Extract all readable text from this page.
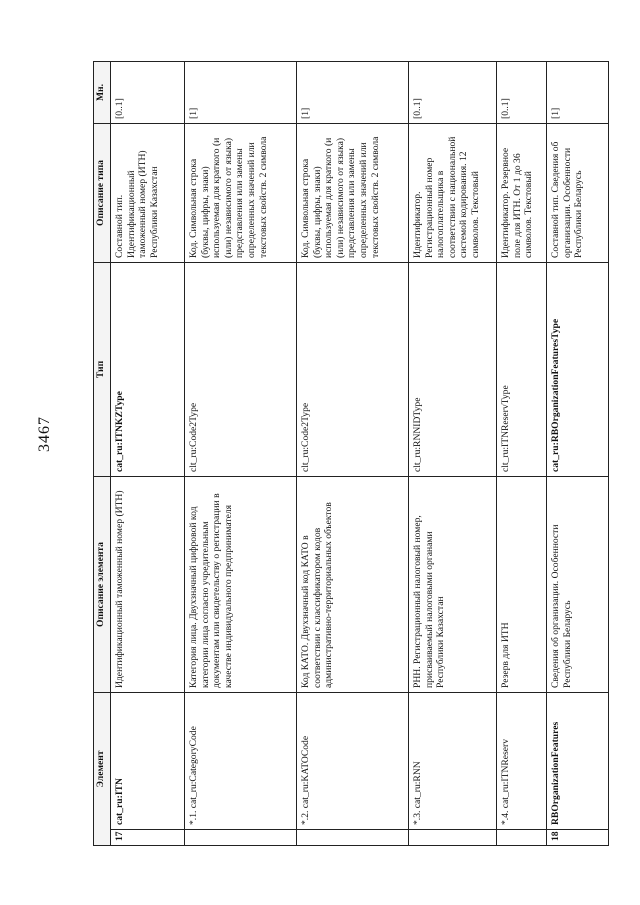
3467
Элемент		Описание элемента	Тип	Описание типа	Мн.
17	cat_ru:ITN	Идентификационный таможенный номер (ИТН)	cat_ru:ITNKZType	Составной тип. Идентификационный таможенный номер (ИТН) Республики Казахстан	[0..1]
	*.1. cat_ru:CategoryCode	Категория лица. Двухзначный цифровой код категории лица согласно учредительным документам или свидетельству о регистрации в качестве индивидуального предпринимателя	clt_ru:Code2Type	Код. Символьная строка (буквы, цифры, знаки) используемая для краткого (и (или) независимого от языка) представления или замены определенных значений или текстовых свойств. 2 символа	[1]
	*.2. cat_ru:KATOCode	Код КАТО. Двухзначный код КАТО в соответствии с классификатором кодов административно-территориальных объектов	clt_ru:Code2Type	Код. Символьная строка (буквы, цифры, знаки) используемая для краткого (и (или) независимого от языка) представления или замены определенных значений или текстовых свойств. 2 символа	[1]
	*.3. cat_ru:RNN	РНН. Регистрационный налоговый номер, присваиваемый налоговыми органами Республики Казахстан	clt_ru:RNNIDType	Идентификатор. Регистрационный номер налогоплательщика в соответствии с национальной системой кодирования. 12 символов. Текстовый	[0..1]
	*.4. cat_ru:ITNReserv	Резерв для ИТН	clt_ru:ITNReservType	Идентификатор. Резервное поле для ИТН. От 1 до 36 символов. Текстовый	[0..1]
18	RBOrganizationFeatures	Сведения об организации. Особенности Республики Беларусь	cat_ru:RBOrganizationFeaturesType	Составной тип. Сведения об организации. Особенности Республики Беларусь	[1]
